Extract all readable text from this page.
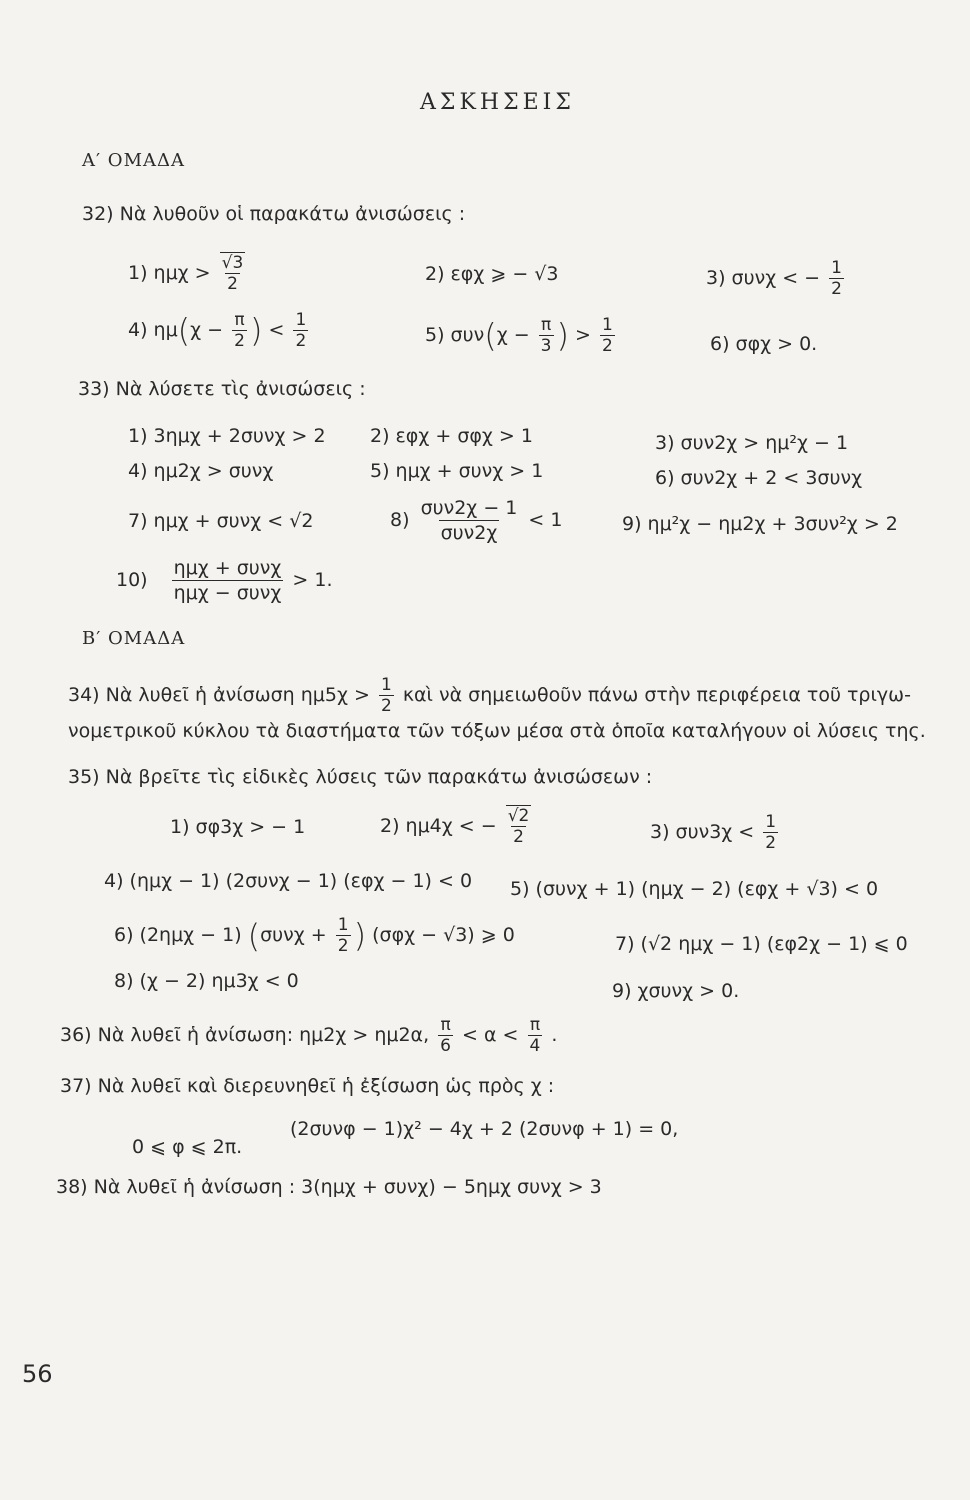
ΑΣΚΗΣΕΙΣ
Α′ ΟΜΑΔΑ
32) Νὰ λυθοῦν οἱ παρακάτω ἀνισώσεις :
1) $\eta\mu\chi > \frac{√3}{2}$	2) εφχ ⩾ − √3	3) συνχ < − $\frac{1}{2}$
4) $\eta\mu(\chi - \frac{\pi}{2}$ ) < $\frac{1}{2}$	5) $\sigma\upsilon\nu(\chi - \frac{\pi}{3}$ ) > $\frac{1}{2}$	6) σφχ > 0.
33) Νὰ λύσετε τὶς ἀνισώσεις :
1) 3ημχ + 2συνχ > 2 2) εφχ + σφχ > 1	3) συν2χ > ημ²χ − 1
4) ημ2χ > συνχ	5) ημχ + συνχ > 1	6) συν2χ + 2 < 3συνχ
7) ημχ + συνχ < √2	$8) \frac{\text{συν2χ − 1}}{\text{συν2χ}} < 1$	9) ημ²χ − ημ2χ + 3συν²χ > 2
$10) \frac{\text{ημχ + συνχ}}{\text{ημχ − συνχ}} > 1$.
Β′ ΟΜΑΔΑ
34) Νὰ λυθεῖ ἡ ἀνίσωση $\eta\mu 5\chi > \frac{1}{2}$ καὶ νὰ σημειωθοῦν πάνω στὴν περιφέρεια τοῦ τριγω-
νομετρικοῦ κύκλου τὰ διαστήματα τῶν τόξων μέσα στὰ ὁποῖα καταλήγουν οἱ λύσεις της.
35) Νὰ βρεῖτε τὶς εἰδικὲς λύσεις τῶν παρακάτω ἀνισώσεων :
1) σφ3χ > − 1	2) ημ4χ < − $\frac{√2}{2}$	3) $\sigma\upsilon\nu 3\chi < \frac{1}{2}$
4) (ημχ − 1) (2συνχ − 1) (εφχ − 1) < 0 5) (συνχ + 1) (ημχ − 2) (εφχ + √3) < 0
6) (2ημχ − 1) ($\sigma\upsilon\nu\chi + \frac{1}{2}$ ) (σφχ − √3) ⩾ 0	7) (√2 ημχ − 1) (εφ2χ − 1) ⩽ 0
8) (χ − 2) ημ3χ < 0	9) χσυνχ > 0.
36) Νὰ λυθεῖ ἡ ἀνίσωση: ημ2χ > ημ2α, $\frac{\pi}{6} < \alpha < \frac{\pi}{4}$ .
37) Νὰ λυθεῖ καὶ διερευνηθεῖ ἡ ἐξίσωση ὡς πρὸς χ :
(2συνφ − 1)χ² − 4χ + 2 (2συνφ + 1) = 0,
0 ⩽ φ ⩽ 2π.
38) Νὰ λυθεῖ ἡ ἀνίσωση : 3(ημχ + συνχ) − 5ημχ συνχ > 3
56
